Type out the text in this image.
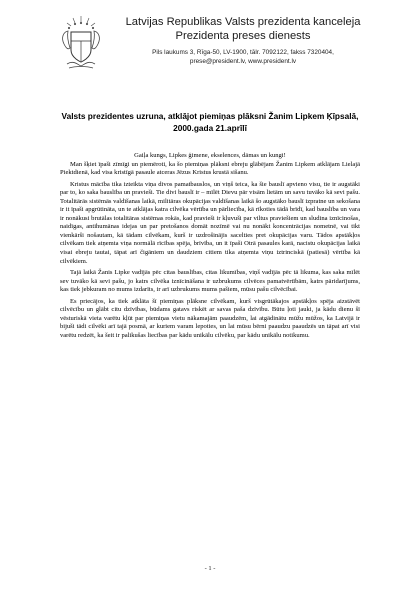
Latvijas Republikas Valsts prezidenta kanceleja
Prezidenta preses dienests
Pils laukums 3, Rīga-50, LV-1900, tālr. 7092122, fakss 7320404,
prese@president.lv, www.president.lv
Valsts prezidentes uzruna, atklājot piemiņas plāksni Žanim Lipkem Ķīpsalā, 2000.gada 21.aprīlī

Gaiļa kungs, Lipkes ģimene, ekselences, dāmas un kungi!

Man šķiet īpaši zīmīgi un piemēroti, ka šo piemiņas plāksni ebreju glābējam Žanim Lipkem atklājam Lielajā Piektdienā, kad visa kristīgā pasaule atceras Jēzus Kristus krustā sišanu.

Kristus mācība tika izteikta viņa divos pamatbauslos, un viņš teica, ka šie bauslī apvieno visu, tie ir augstāki par to, ko saka bauslība un pravieši. Tie divi bauslī ir – mīlēt Dievu pār visām lietām un savu tuvāko kā sevi pašu. Totalitārās sistēmās valdīšanas laikā, militāras okupācijas valdīšanas laikā šo augstāko bauslī izpratne un sekošana ir it īpaši apgrūtināta, un te atklājas katra cilvēka vērtība un pārliecība, kā rīkoties tādā brīdī, kad bauslība un vara ir nonākusi brutālas totalitāras sistēmas rokās, kad pravieši ir kļuvuši par viltus praviešiem un sludina iznīcinošas, naidīgas, antihumānas idejas un par pretošanos domāt nozīmē vai nu nonākt koncentrācijas nometnē, vai tikt vienkārši nošautam, kā tādam cilvēkam, kurš ir uzdrošinājis sacelties pret okupācijas varu. Tādos apstākļos cilvēkam tiek atņemta viņa normālā rīcības spēja, brīvība, un it īpaši Otrā pasaules karā, nacistu okupācijas laikā visai ebreju tautai, tāpat arī čigāniem un daudziem citiem tika atņemta viņu iztrinciskā (patiesā) vērtība kā cilvēkiem.

Tajā laikā Žanis Lipke vadījās pēc citas bauslības, citas likumības, viņš vadījās pēc tā likuma, kas saka mīlēt sev tuvāko kā sevi pašu, jo katrs cilvēka iznīcināšana ir uzbrukums cilvēces pamatvērtībām, katrs pāridarījums, kas tiek jebkuram no mums izdarīts, ir arī uzbrukums mums pašiem, mūsu pašu cilvēcībai.

Es priecājos, ka tiek atklāta šī piemiņas plāksne cilvēkam, kurš visgrūtākajos apstākļos spēja aizstāvēt cilvēcību un glābt citu dzīvības, būdams gatavs riskēt ar savas paša dzīvību. Būtu ļoti jauki, ja kādu dienu šī vēsturiskā vieta varētu kļūt par piemiņas vietu nākamajām paaudzēm, lai atgādinātu mūžu mūžos, ka Latvijā ir bijuši tādi cilvēki arī tajā posmā, ar kuriem varam lepoties, un lai mūsu bērni paaudzu paaudzēs un tāpat arī visi varētu redzēt, ka šeit ir palikušas liecības par kādu unikālu cilvēku, par kādu unikālu notikumu.

- 1 -
